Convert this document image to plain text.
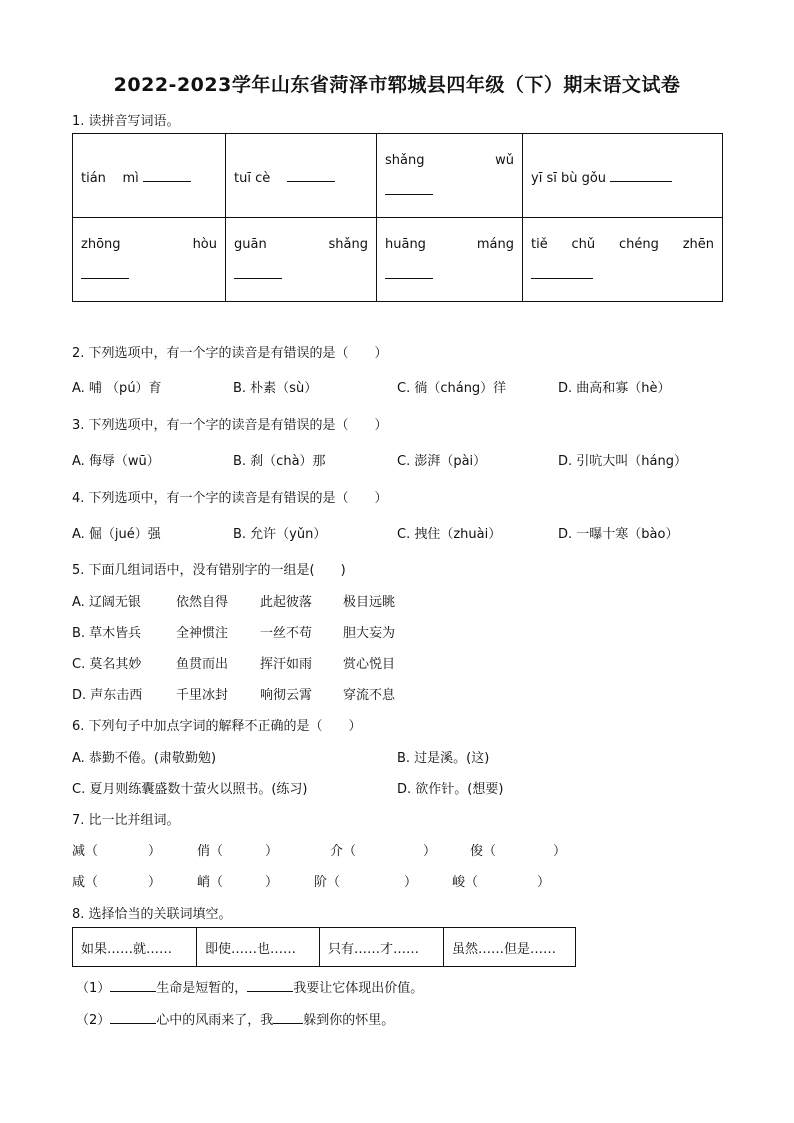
2022-2023学年山东省菏泽市郓城县四年级（下）期末语文试卷
1. 读拼音写词语。
tián mì	tuī cè	shǎng wǔ	yī sī bù gǒu

zhōng hòu	guān shǎng	huāng máng	tiě chǔ chéng zhēn
2. 下列选项中，有一个字的读音是有错误的是（　　）
A. 哺 （pú）育	B. 朴素（sù）	C. 徜（cháng）徉	D. 曲高和寡（hè）
3. 下列选项中，有一个字的读音是有错误的是（　　）
A. 侮辱（wū）	B. 刹（chà）那	C. 澎湃（pài）	D. 引吭大叫（háng）
4. 下列选项中，有一个字的读音是有错误的是（　　）
A. 倔（jué）强	B. 允许（yǔn）	C. 拽住（zhuài）	D. 一曝十寒（bào）
5. 下面几组词语中，没有错别字的一组是(　　)
A. 辽阔无银	依然自得 此起彼落 极目远眺
B. 草木皆兵	全神惯注 一丝不苟 胆大妄为
C. 莫名其妙	鱼贯而出 挥汗如雨 赏心悦目
D. 声东击西	千里冰封 响彻云霄 穿流不息
6. 下列句子中加点字词的解释不正确的是（　　）
A. 恭勤不倦。(肃敬勤勉)	B. 过是溪。(这)
C. 夏月则练囊盛数十萤火以照书。(练习)	D. 欲作针。(想要)
7. 比一比并组词。
减（	）	俏（	）	介（	）	俊（	）
咸（	）	峭（	）	阶（	）	峻（	）
8. 选择恰当的关联词填空。
如果……就……	即使……也……	只有……才……	虽然……但是……
（1）	生命是短暂的，	我要让它体现出价值。
（2）	心中的风雨来了，我 躲到你的怀里。
